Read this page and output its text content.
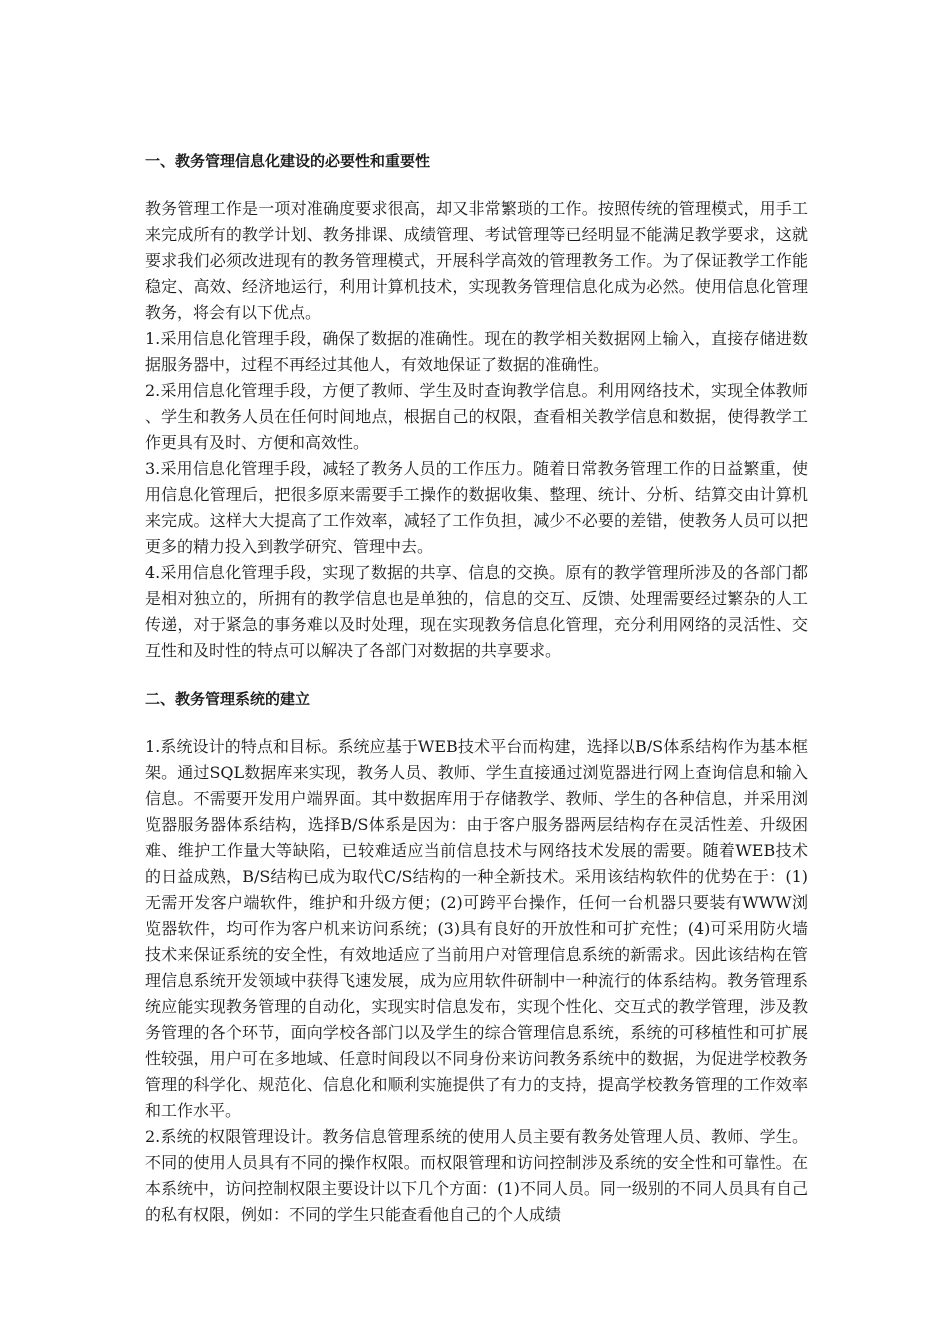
一、教务管理信息化建设的必要性和重要性

教务管理工作是一项对准确度要求很高，却又非常繁琐的工作。按照传统的管理模式，用手工来完成所有的教学计划、教务排课、成绩管理、考试管理等已经明显不能满足教学要求，这就要求我们必须改进现有的教务管理模式，开展科学高效的管理教务工作。为了保证教学工作能稳定、高效、经济地运行，利用计算机技术，实现教务管理信息化成为必然。使用信息化管理教务，将会有以下优点。

1.采用信息化管理手段，确保了数据的准确性。现在的教学相关数据网上输入，直接存储进数据服务器中，过程不再经过其他人，有效地保证了数据的准确性。

2.采用信息化管理手段，方便了教师、学生及时查询教学信息。利用网络技术，实现全体教师、学生和教务人员在任何时间地点，根据自己的权限，查看相关教学信息和数据，使得教学工作更具有及时、方便和高效性。

3.采用信息化管理手段，减轻了教务人员的工作压力。随着日常教务管理工作的日益繁重，使用信息化管理后，把很多原来需要手工操作的数据收集、整理、统计、分析、结算交由计算机来完成。这样大大提高了工作效率，减轻了工作负担，减少不必要的差错，使教务人员可以把更多的精力投入到教学研究、管理中去。

4.采用信息化管理手段，实现了数据的共享、信息的交换。原有的教学管理所涉及的各部门都是相对独立的，所拥有的教学信息也是单独的，信息的交互、反馈、处理需要经过繁杂的人工传递，对于紧急的事务难以及时处理，现在实现教务信息化管理，充分利用网络的灵活性、交互性和及时性的特点可以解决了各部门对数据的共享要求。

二、教务管理系统的建立

1.系统设计的特点和目标。系统应基于WEB技术平台而构建，选择以B/S体系结构作为基本框架。通过SQL数据库来实现，教务人员、教师、学生直接通过浏览器进行网上查询信息和输入信息。不需要开发用户端界面。其中数据库用于存储教学、教师、学生的各种信息，并采用浏览器服务器体系结构，选择B/S体系是因为：由于客户服务器两层结构存在灵活性差、升级困难、维护工作量大等缺陷，已较难适应当前信息技术与网络技术发展的需要。随着WEB技术的日益成熟，B/S结构已成为取代C/S结构的一种全新技术。采用该结构软件的优势在于：(1)无需开发客户端软件，维护和升级方便；(2)可跨平台操作，任何一台机器只要装有WWW浏览器软件，均可作为客户机来访问系统；(3)具有良好的开放性和可扩充性；(4)可采用防火墙技术来保证系统的安全性，有效地适应了当前用户对管理信息系统的新需求。因此该结构在管理信息系统开发领域中获得飞速发展，成为应用软件研制中一种流行的体系结构。教务管理系统应能实现教务管理的自动化，实现实时信息发布，实现个性化、交互式的教学管理，涉及教务管理的各个环节，面向学校各部门以及学生的综合管理信息系统，系统的可移植性和可扩展性较强，用户可在多地域、任意时间段以不同身份来访问教务系统中的数据，为促进学校教务管理的科学化、规范化、信息化和顺利实施提供了有力的支持，提高学校教务管理的工作效率和工作水平。

2.系统的权限管理设计。教务信息管理系统的使用人员主要有教务处管理人员、教师、学生。不同的使用人员具有不同的操作权限。而权限管理和访问控制涉及系统的安全性和可靠性。在本系统中，访问控制权限主要设计以下几个方面：(1)不同人员。同一级别的不同人员具有自己的私有权限，例如：不同的学生只能查看他自己的个人成绩
